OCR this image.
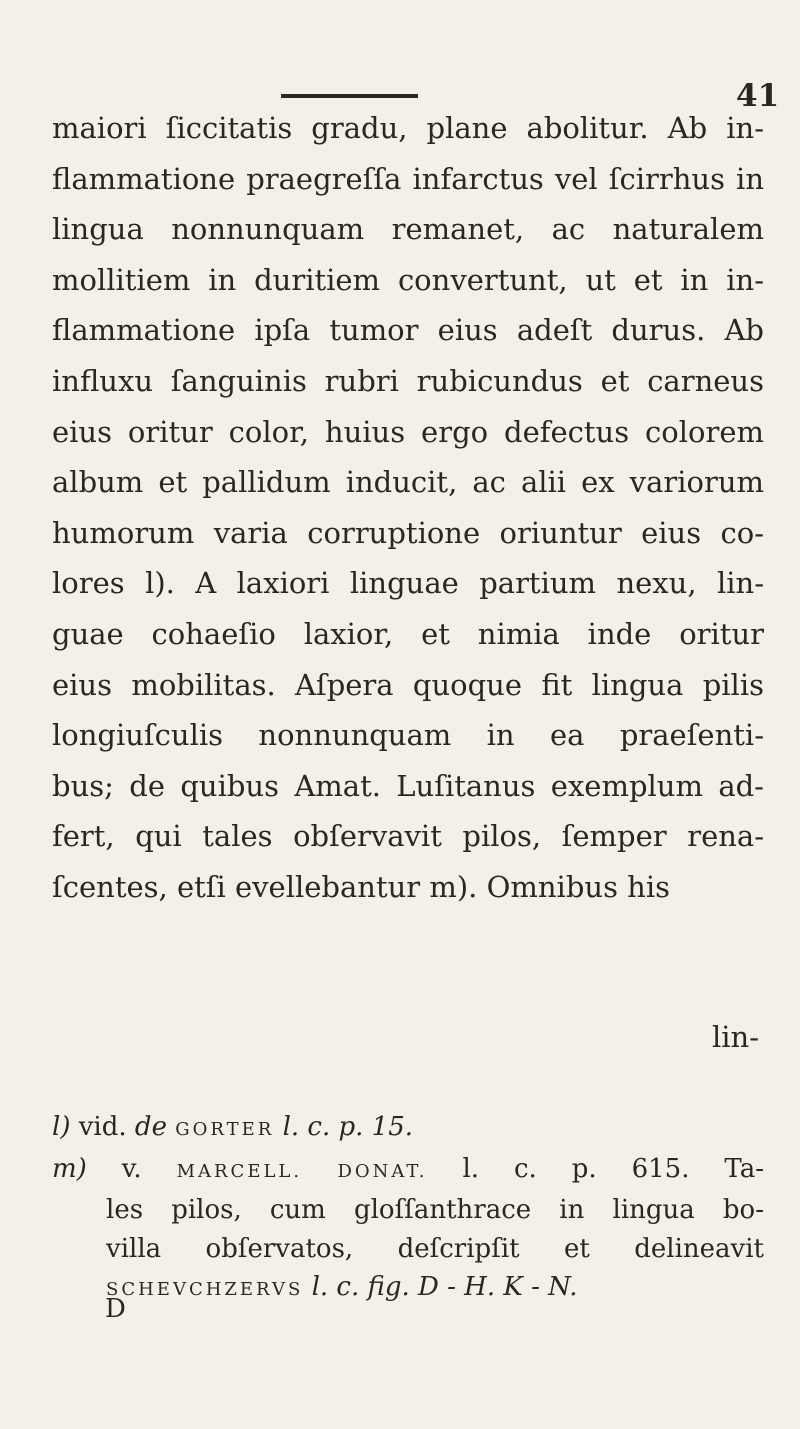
41
maiori ſiccitatis gradu, plane abolitur. Ab in-
flammatione praegreſſa infarctus vel ſcirrhus in
lingua nonnunquam remanet, ac naturalem
mollitiem in duritiem convertunt, ut et in in-
flammatione ipſa tumor eius adeſt durus. Ab
influxu ſanguinis rubri rubicundus et carneus
eius oritur color, huius ergo defectus colorem
album et pallidum inducit, ac alii ex variorum
humorum varia corruptione oriuntur eius co-
lores l). A laxiori linguae partium nexu, lin-
guae cohaeſio laxior, et nimia inde oritur
eius mobilitas. Aſpera quoque fit lingua pilis
longiuſculis nonnunquam in ea praeſenti-
bus; de quibus Amat. Luſitanus exemplum ad-
fert, qui tales obſervavit pilos, ſemper rena-
ſcentes, etſi evellebantur m). Omnibus his
lin-
l) vid. de GORTER l. c. p. 15.
m) v. MARCELL. DONAT. l. c. p. 615. Ta-
les pilos, cum gloſſanthrace in lingua bo-
villa obſervatos, deſcripſit et delineavit
SCHEVCHZERVS l. c. fig. D - H. K - N.
D
